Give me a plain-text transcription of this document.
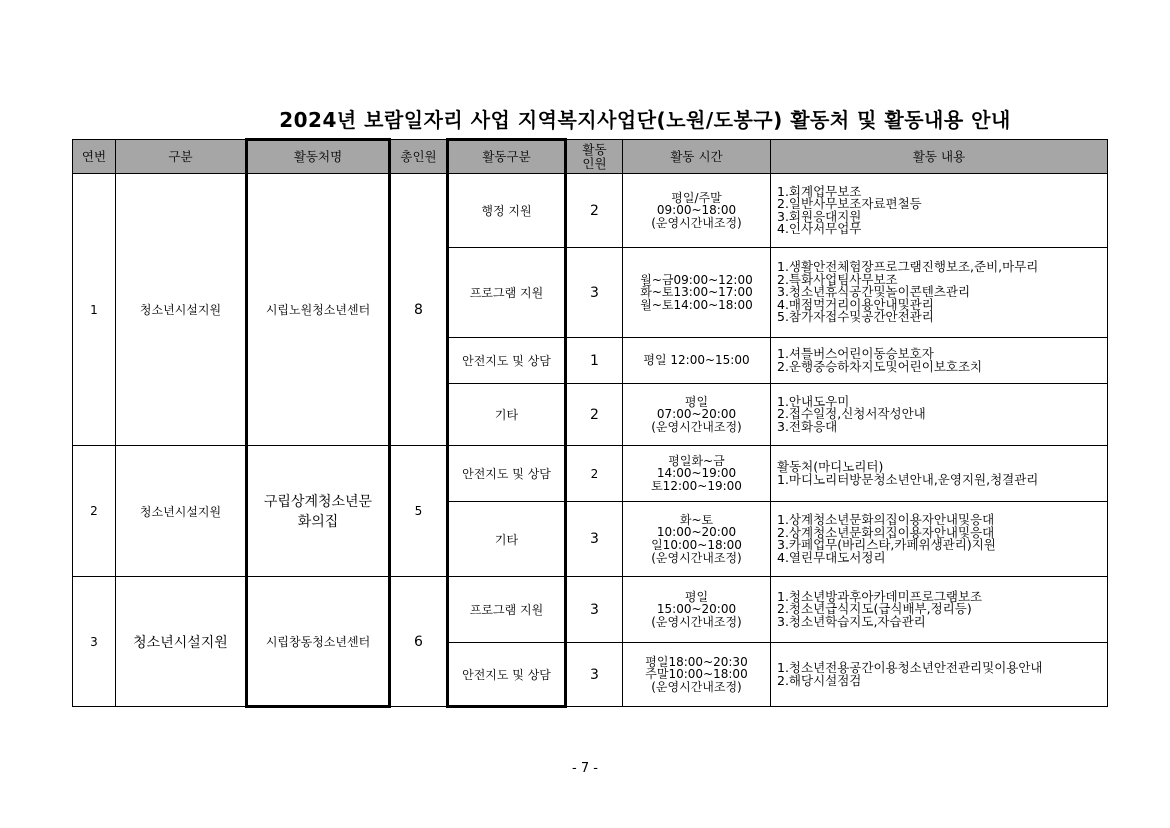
2024년 보람일자리 사업 지역복지사업단(노원/도봉구) 활동처 및 활동내용 안내
연번	구분	활동처명	총인원	활동구분	활동
인원	활동 시간	활동 내용
1	청소년시설지원	시립노원청소년센터	8	행정 지원	2	평일/주말
09:00~18:00
(운영시간내조정)	1.회계업무보조
2.일반사무보조자료편철등
3.회원응대지원
4.인사서무업무

				프로그램 지원	3	월~금09:00~12:00
화~토13:00~17:00
월~토14:00~18:00	1.생활안전체험장프로그램진행보조,준비,마무리
2.특화사업팀사무보조
3.청소년휴식공간및놀이콘텐츠관리
4.매점먹거리이용안내및관리
5.참가자접수및공간안전관리

				안전지도 및 상담	1	평일 12:00~15:00	1.셔틀버스어린이동승보호자
2.운행중승하차지도및어린이보호조치

				기타	2	평일
07:00~20:00
(운영시간내조정)	1.안내도우미
2.접수일정,신청서작성안내
3.전화응대

2	청소년시설지원	구립상계청소년문
화의집	5	안전지도 및 상담	2	평일화~금
14:00~19:00
토12:00~19:00	활동처(마디노리터)
1.마디노리터방문청소년안내,운영지원,청결관리

				기타	3	화~토
10:00~20:00
일10:00~18:00
(운영시간내조정)	1.상계청소년문화의집이용자안내및응대
2.상계청소년문화의집이용자안내및응대
3.카페업무(바리스타,카페위생관리)지원
4.열린무대도서정리

3	청소년시설지원	시립창동청소년센터	6	프로그램 지원	3	평일
15:00~20:00
(운영시간내조정)	1.청소년방과후아카데미프로그램보조
2.청소년급식지도(급식배부,정리등)
3.청소년학습지도,자습관리

				안전지도 및 상담	3	평일18:00~20:30
주말10:00~18:00
(운영시간내조정)	1.청소년전용공간이용청소년안전관리및이용안내
2.해당시설점검
- 7 -
